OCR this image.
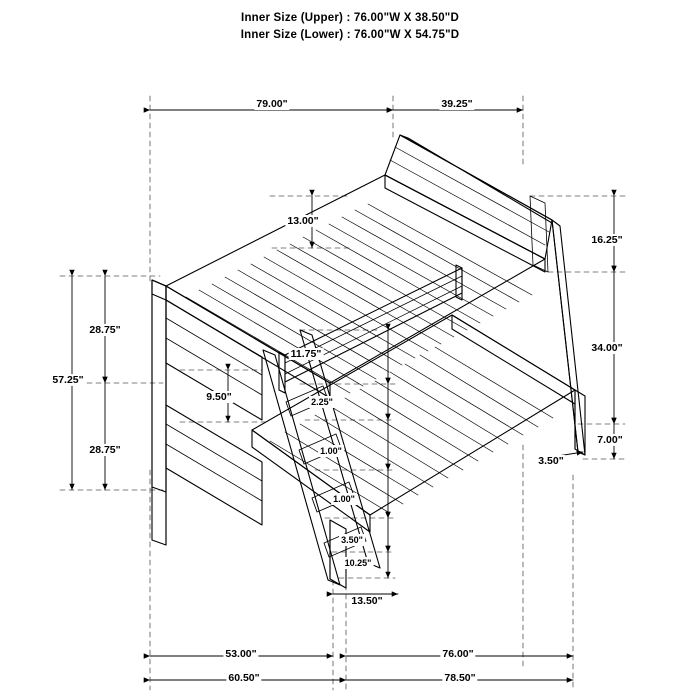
Inner Size (Upper) : 76.00"W X 38.50"D
Inner Size (Lower) : 76.00"W X 54.75"D
79.00"	39.25"
13.00"
16.25"
34.00"
7.00"
3.50"
28.75"
28.75"
57.25"
9.50"
11.75"
2.25"
1.00"
1.00"
3.50"
10.25"
13.50"
53.00"	76.00"
60.50"	78.50"
